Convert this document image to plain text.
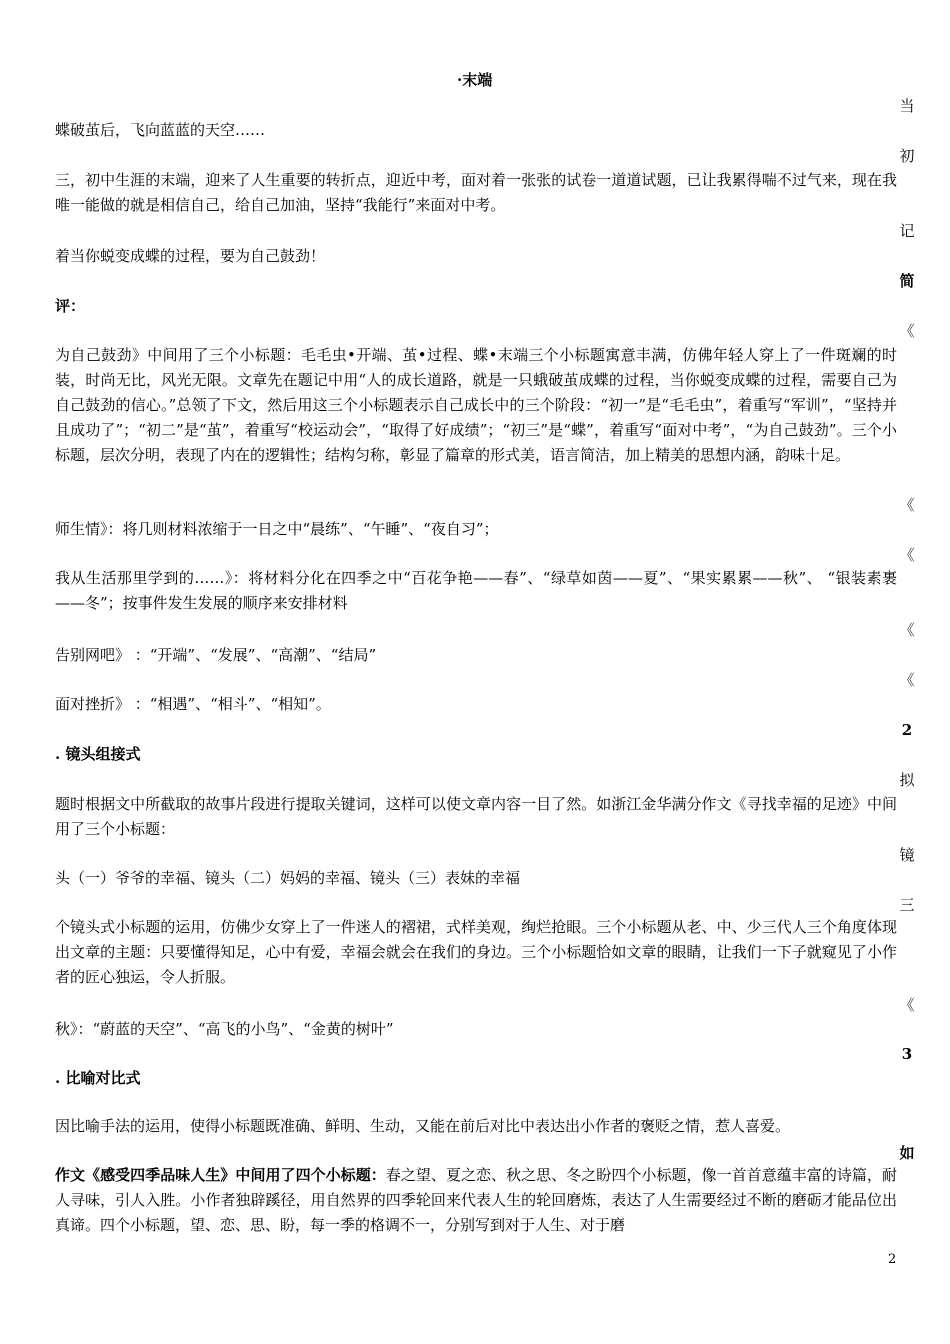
·末端
蝶破茧后，飞向蓝蓝的天空……
三，初中生涯的末端，迎来了人生重要的转折点，迎近中考，面对着一张张的试卷一道道试题，已让我累得喘不过气来，现在我唯一能做的就是相信自己，给自己加油，坚持“我能行”来面对中考。
着当你蜕变成蝶的过程，要为自己鼓劲！
评：
为自己鼓劲》中间用了三个小标题：毛毛虫•开端、茧•过程、蝶•末端三个小标题寓意丰满，仿佛年轻人穿上了一件斑斓的时装，时尚无比，风光无限。文章先在题记中用“人的成长道路，就是一只蛾破茧成蝶的过程，当你蜕变成蝶的过程，需要自己为自己鼓劲的信心。”总领了下文，然后用这三个小标题表示自己成长中的三个阶段：“初一”是“毛毛虫”，着重写“军训”，“坚持并且成功了”；“初二”是“茧”，着重写“校运动会”，“取得了好成绩”；“初三”是“蝶”，着重写“面对中考”，“为自己鼓劲”。三个小标题，层次分明，表现了内在的逻辑性；结构匀称，彰显了篇章的形式美，语言简洁，加上精美的思想内涵，韵味十足。
师生情》：将几则材料浓缩于一日之中“晨练”、“午睡”、“夜自习”；
我从生活那里学到的……》：将材料分化在四季之中“百花争艳——春”、“绿草如茵——夏”、“果实累累——秋”、 “银装素裹——冬”；按事件发生发展的顺序来安排材料
告别网吧》 ：“开端”、“发展”、“高潮”、“结局”
面对挫折》 ：“相遇”、“相斗”、“相知”。
. 镜头组接式
题时根据文中所截取的故事片段进行提取关键词，这样可以使文章内容一目了然。如浙江金华满分作文《寻找幸福的足迹》中间用了三个小标题：
头（一）爷爷的幸福、镜头（二）妈妈的幸福、镜头（三）表妹的幸福
个镜头式小标题的运用，仿佛少女穿上了一件迷人的褶裙，式样美观，绚烂抢眼。三个小标题从老、中、少三代人三个角度体现出文章的主题：只要懂得知足，心中有爱，幸福会就会在我们的身边。三个小标题恰如文章的眼睛，让我们一下子就窥见了小作者的匠心独运，令人折服。
秋》：“蔚蓝的天空”、“高飞的小鸟”、“金黄的树叶”
. 比喻对比式
因比喻手法的运用，使得小标题既准确、鲜明、生动，又能在前后对比中表达出小作者的褒贬之情，惹人喜爱。
作文《感受四季品味人生》中间用了四个小标题：春之望、夏之恋、秋之思、冬之盼四个小标题，像一首首意蕴丰富的诗篇，耐人寻味，引人入胜。小作者独辟蹊径，用自然界的四季轮回来代表人生的轮回磨炼，表达了人生需要经过不断的磨砺才能品位出真谛。四个小标题，望、恋、思、盼，每一季的格调不一，分别写到对于人生、对于磨
当
初
记
简
《
《
《
《
《
2
拟
镜
三
《
3
如
2
